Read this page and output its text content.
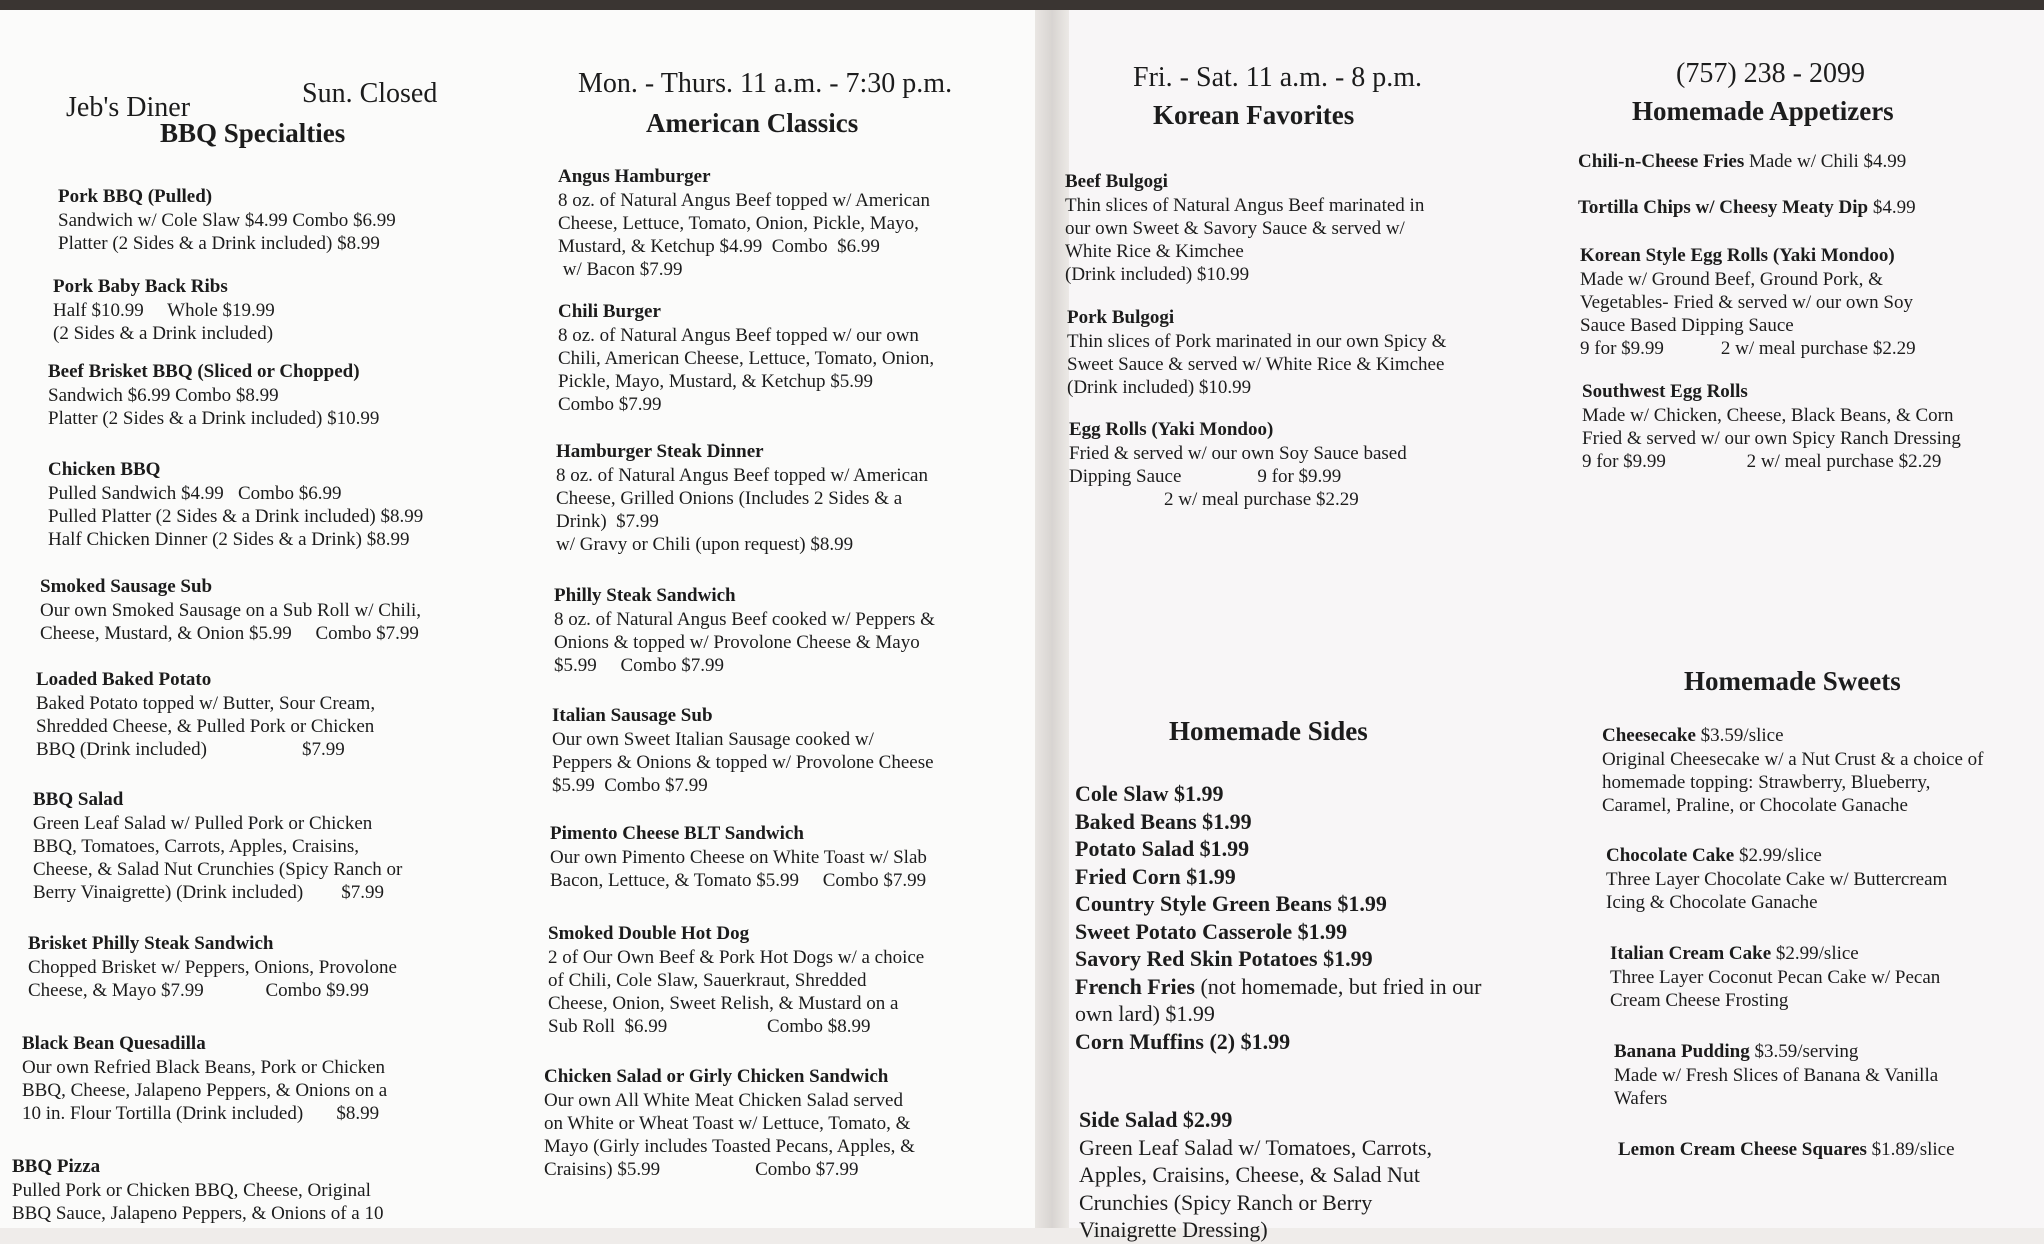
Jeb's Diner	Sun. Closed
BBQ Specialties
Pork BBQ (Pulled)
Sandwich w/ Cole Slaw $4.99 Combo $6.99
Platter (2 Sides & a Drink included) $8.99
Pork Baby Back Ribs
Half $10.99     Whole $19.99
(2 Sides & a Drink included)
Beef Brisket BBQ (Sliced or Chopped)
Sandwich $6.99 Combo $8.99
Platter (2 Sides & a Drink included) $10.99
Chicken BBQ
Pulled Sandwich $4.99   Combo $6.99
Pulled Platter (2 Sides & a Drink included) $8.99
Half Chicken Dinner (2 Sides & a Drink) $8.99
Smoked Sausage Sub
Our own Smoked Sausage on a Sub Roll w/ Chili,
Cheese, Mustard, & Onion $5.99     Combo $7.99
Loaded Baked Potato
Baked Potato topped w/ Butter, Sour Cream,
Shredded Cheese, & Pulled Pork or Chicken
BBQ (Drink included)                    $7.99
BBQ Salad
Green Leaf Salad w/ Pulled Pork or Chicken
BBQ, Tomatoes, Carrots, Apples, Craisins,
Cheese, & Salad Nut Crunchies (Spicy Ranch or
Berry Vinaigrette) (Drink included)        $7.99
Brisket Philly Steak Sandwich
Chopped Brisket w/ Peppers, Onions, Provolone
Cheese, & Mayo $7.99             Combo $9.99
Black Bean Quesadilla
Our own Refried Black Beans, Pork or Chicken
BBQ, Cheese, Jalapeno Peppers, & Onions on a
10 in. Flour Tortilla (Drink included)       $8.99
BBQ Pizza
Pulled Pork or Chicken BBQ, Cheese, Original
BBQ Sauce, Jalapeno Peppers, & Onions of a 10
Mon. - Thurs. 11 a.m. - 7:30 p.m.
American Classics
Angus Hamburger
8 oz. of Natural Angus Beef topped w/ American
Cheese, Lettuce, Tomato, Onion, Pickle, Mayo,
Mustard, & Ketchup $4.99  Combo  $6.99
w/ Bacon $7.99
Chili Burger
8 oz. of Natural Angus Beef topped w/ our own
Chili, American Cheese, Lettuce, Tomato, Onion,
Pickle, Mayo, Mustard, & Ketchup $5.99
Combo $7.99
Hamburger Steak Dinner
8 oz. of Natural Angus Beef topped w/ American
Cheese, Grilled Onions (Includes 2 Sides & a
Drink)  $7.99
w/ Gravy or Chili (upon request) $8.99
Philly Steak Sandwich
8 oz. of Natural Angus Beef cooked w/ Peppers &
Onions & topped w/ Provolone Cheese & Mayo
$5.99     Combo $7.99
Italian Sausage Sub
Our own Sweet Italian Sausage cooked w/
Peppers & Onions & topped w/ Provolone Cheese
$5.99  Combo $7.99
Pimento Cheese BLT Sandwich
Our own Pimento Cheese on White Toast w/ Slab
Bacon, Lettuce, & Tomato $5.99     Combo $7.99
Smoked Double Hot Dog
2 of Our Own Beef & Pork Hot Dogs w/ a choice
of Chili, Cole Slaw, Sauerkraut, Shredded
Cheese, Onion, Sweet Relish, & Mustard on a
Sub Roll  $6.99                     Combo $8.99
Chicken Salad or Girly Chicken Sandwich
Our own All White Meat Chicken Salad served
on White or Wheat Toast w/ Lettuce, Tomato, &
Mayo (Girly includes Toasted Pecans, Apples, &
Craisins) $5.99                    Combo $7.99
Fri. - Sat. 11 a.m. - 8 p.m.
Korean Favorites
Beef Bulgogi
Thin slices of Natural Angus Beef marinated in
our own Sweet & Savory Sauce & served w/
White Rice & Kimchee
(Drink included) $10.99
Pork Bulgogi
Thin slices of Pork marinated in our own Spicy &
Sweet Sauce & served w/ White Rice & Kimchee
(Drink included) $10.99
Egg Rolls (Yaki Mondoo)
Fried & served w/ our own Soy Sauce based
Dipping Sauce                9 for $9.99
2 w/ meal purchase $2.29
Homemade Sides
Cole Slaw $1.99
Baked Beans $1.99
Potato Salad $1.99
Fried Corn $1.99
Country Style Green Beans $1.99
Sweet Potato Casserole $1.99
Savory Red Skin Potatoes $1.99
French Fries (not homemade, but fried in our own lard) $1.99
Corn Muffins (2) $1.99
Side Salad $2.99
Green Leaf Salad w/ Tomatoes, Carrots,
Apples, Craisins, Cheese, & Salad Nut
Crunchies (Spicy Ranch or Berry
Vinaigrette Dressing)
(757) 238 - 2099
Homemade Appetizers
Chili-n-Cheese Fries Made w/ Chili $4.99
Tortilla Chips w/ Cheesy Meaty Dip $4.99
Korean Style Egg Rolls (Yaki Mondoo)
Made w/ Ground Beef, Ground Pork, &
Vegetables- Fried & served w/ our own Soy
Sauce Based Dipping Sauce
9 for $9.99            2 w/ meal purchase $2.29
Southwest Egg Rolls
Made w/ Chicken, Cheese, Black Beans, & Corn
Fried & served w/ our own Spicy Ranch Dressing
9 for $9.99                 2 w/ meal purchase $2.29
Homemade Sweets
Cheesecake $3.59/slice
Original Cheesecake w/ a Nut Crust & a choice of
homemade topping: Strawberry, Blueberry,
Caramel, Praline, or Chocolate Ganache
Chocolate Cake $2.99/slice
Three Layer Chocolate Cake w/ Buttercream
Icing & Chocolate Ganache
Italian Cream Cake $2.99/slice
Three Layer Coconut Pecan Cake w/ Pecan
Cream Cheese Frosting
Banana Pudding $3.59/serving
Made w/ Fresh Slices of Banana & Vanilla
Wafers
Lemon Cream Cheese Squares $1.89/slice
